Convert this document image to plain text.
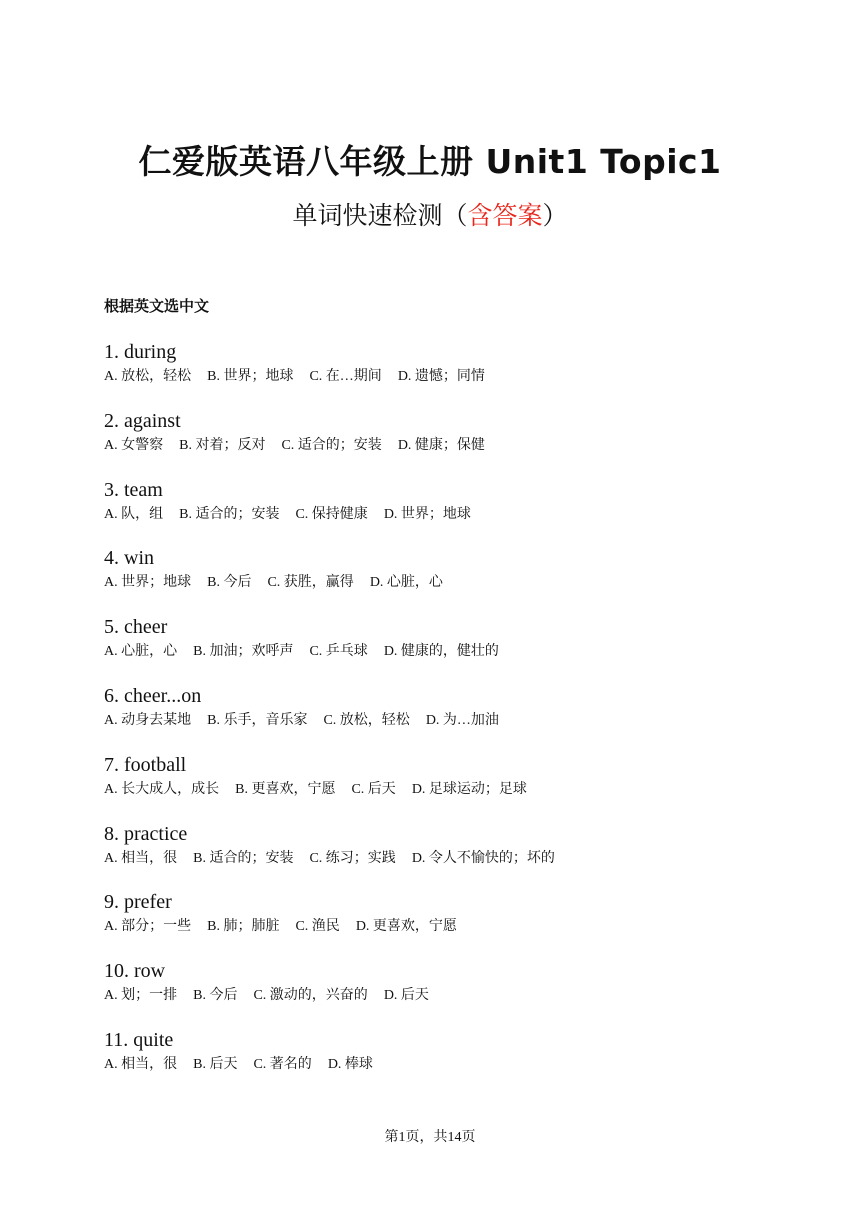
仁爱版英语八年级上册 Unit1 Topic1
单词快速检测（含答案）
根据英文选中文
1. during
A. 放松，轻松 B. 世界；地球 C. 在…期间 D. 遗憾；同情
2. against
A. 女警察 B. 对着；反对 C. 适合的；安装 D. 健康；保健
3. team
A. 队，组 B. 适合的；安装 C. 保持健康 D. 世界；地球
4. win
A. 世界；地球 B. 今后 C. 获胜，赢得 D. 心脏，心
5. cheer
A. 心脏，心 B. 加油；欢呼声 C. 乒乓球 D. 健康的，健壮的
6. cheer...on
A. 动身去某地 B. 乐手，音乐家 C. 放松，轻松 D. 为…加油
7. football
A. 长大成人，成长 B. 更喜欢，宁愿 C. 后天 D. 足球运动；足球
8. practice
A. 相当，很 B. 适合的；安装 C. 练习；实践 D. 令人不愉快的；坏的
9. prefer
A. 部分；一些 B. 肺；肺脏 C. 渔民 D. 更喜欢，宁愿
10. row
A. 划；一排 B. 今后 C. 激动的，兴奋的 D. 后天
11. quite
A. 相当，很 B. 后天 C. 著名的 D. 棒球
第1页，共14页
